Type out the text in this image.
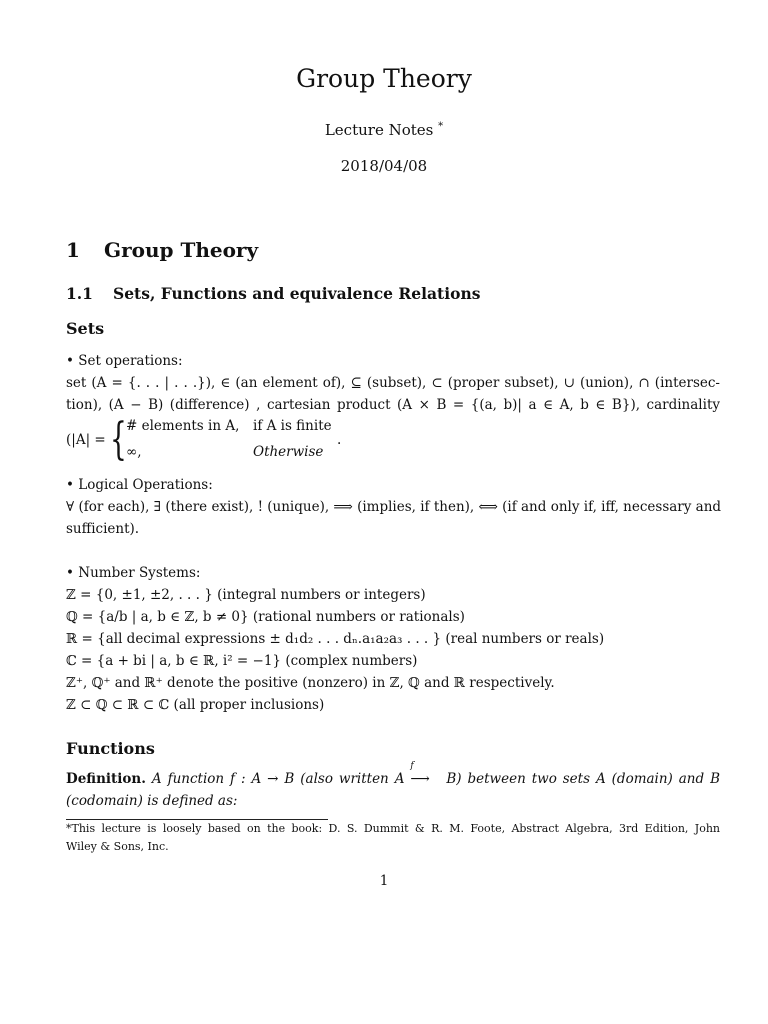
Group Theory
Lecture Notes *
2018/04/08
1 Group Theory
1.1 Sets, Functions and equivalence Relations
Sets
• Set operations:
set (A = {. . . | . . .}), ∈ (an element of), ⊆ (subset), ⊂ (proper subset), ∪ (union), ∩ (intersec-
tion), (A − B) (difference) , cartesian product (A × B = {(a, b)| a ∈ A, b ∈ B}), cardinality
(|A| = { # elements in A, if A is finite
∞,	Otherwise
.
• Logical Operations:
∀ (for each), ∃ (there exist), ! (unique), ⟹ (implies, if then), ⟺ (if and only if, iff, necessary and
sufficient).
• Number Systems:
ℤ = {0, ±1, ±2, . . . } (integral numbers or integers)
ℚ = {a/b | a, b ∈ ℤ, b ≠ 0} (rational numbers or rationals)
ℝ = {all decimal expressions ± d₁d₂ . . . dₙ.a₁a₂a₃ . . . } (real numbers or reals)
ℂ = {a + bi | a, b ∈ ℝ, i² = −1} (complex numbers)
ℤ⁺, ℚ⁺ and ℝ⁺ denote the positive (nonzero) in ℤ, ℚ and ℝ respectively.
ℤ ⊂ ℚ ⊂ ℝ ⊂ ℂ (all proper inclusions)
Functions
Definition. A function f : A → B (also written A
f
⟶ B) between two sets A (domain) and B
(codomain) is defined as:
*This lecture is loosely based on the book: D. S. Dummit & R. M. Foote, Abstract Algebra, 3rd Edition, John
Wiley & Sons, Inc.
1
